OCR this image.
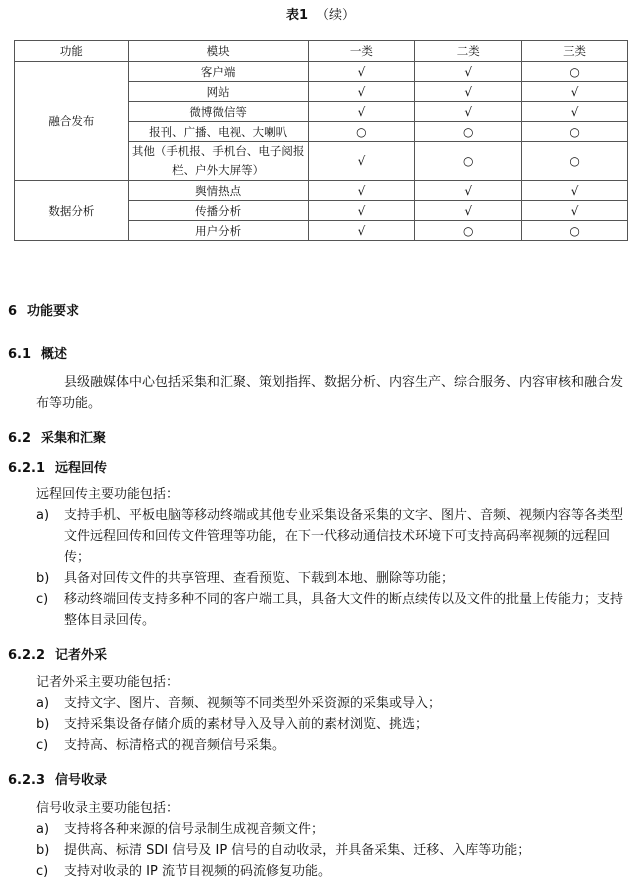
表1 （续）
功能	模块	一类	二类	三类
融合发布	客户端	√	√	○
	网站	√	√	√
	微博微信等	√	√	√
	报刊、广播、电视、大喇叭	○	○	○
	其他（手机报、手机台、电子阅报栏、户外大屏等）	√	○	○
数据分析	舆情热点	√	√	√
	传播分析	√	√	√
	用户分析	√	○	○
6 功能要求
6.1 概述
县级融媒体中心包括采集和汇聚、策划指挥、数据分析、内容生产、综合服务、内容审核和融合发布等功能。
6.2 采集和汇聚
6.2.1 远程回传
远程回传主要功能包括：
a) 支持手机、平板电脑等移动终端或其他专业采集设备采集的文字、图片、音频、视频内容等各类型文件远程回传和回传文件管理等功能，在下一代移动通信技术环境下可支持高码率视频的远程回传；
b) 具备对回传文件的共享管理、查看预览、下载到本地、删除等功能；
c) 移动终端回传支持多种不同的客户端工具，具备大文件的断点续传以及文件的批量上传能力；支持整体目录回传。
6.2.2 记者外采
记者外采主要功能包括：
a) 支持文字、图片、音频、视频等不同类型外采资源的采集或导入；
b) 支持采集设备存储介质的素材导入及导入前的素材浏览、挑选；
c) 支持高、标清格式的视音频信号采集。
6.2.3 信号收录
信号收录主要功能包括：
a) 支持将各种来源的信号录制生成视音频文件；
b) 提供高、标清 SDI 信号及 IP 信号的自动收录，并具备采集、迁移、入库等功能；
c) 支持对收录的 IP 流节目视频的码流修复功能。
